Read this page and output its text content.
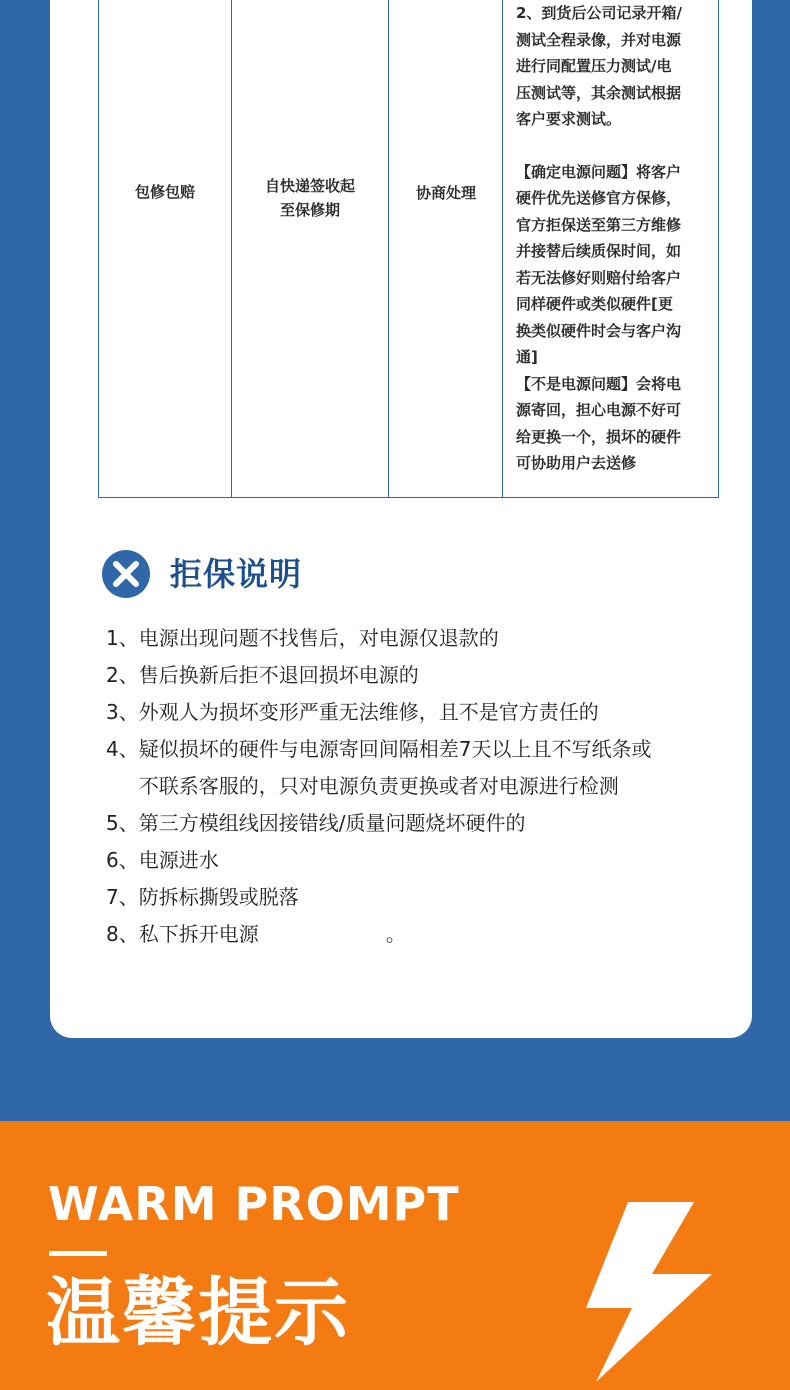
包修包赔	自快递签收起
至保修期
协商处理

2、到货后公司记录开箱/
测试全程录像，并对电源
进行同配置压力测试/电
压测试等，其余测试根据
客户要求测试。

【确定电源问题】将客户
硬件优先送修官方保修，
官方拒保送至第三方维修
并接替后续质保时间，如
若无法修好则赔付给客户
同样硬件或类似硬件[更
换类似硬件时会与客户沟
通]

【不是电源问题】会将电
源寄回，担心电源不好可
给更换一个，损坏的硬件
可协助用户去送修

拒保说明
1、 电源出现问题不找售后，对电源仅退款的
2、 售后换新后拒不退回损坏电源的
3、 外观人为损坏变形严重无法维修，且不是官方责任的
4、 疑似损坏的硬件与电源寄回间隔相差7天以上且不写纸条或
不联系客服的，只对电源负责更换或者对电源进行检测
5、 第三方模组线因接错线/质量问题烧坏硬件的
6、 电源进水
7、 防拆标撕毁或脱落
8、 私下拆开电源                    。
WARM PROMPT
温馨提示
